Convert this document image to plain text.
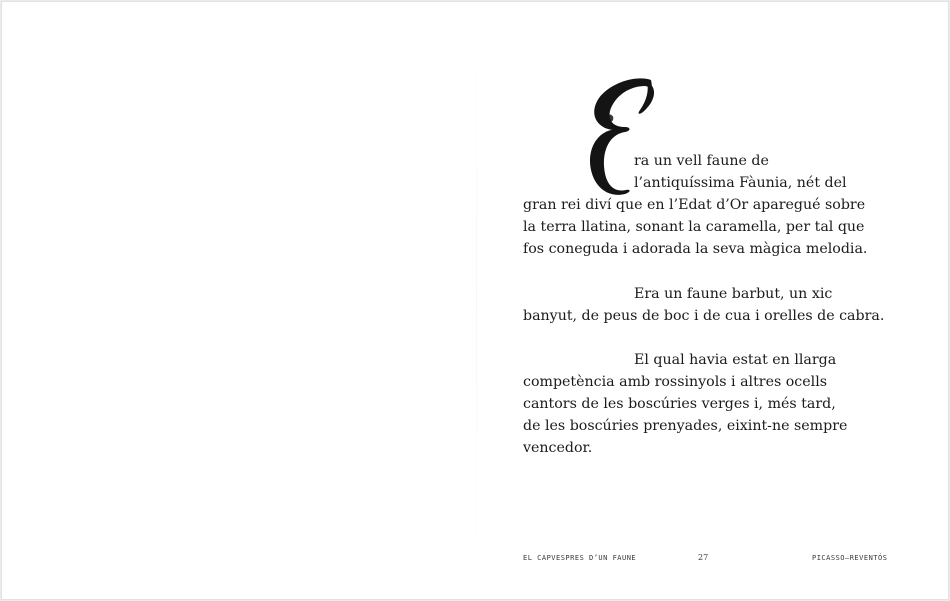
E
ra un vell faune de
l’antiquíssima Fàunia, nét del
gran rei diví que en l’Edat d’Or aparegué sobre
la terra llatina, sonant la caramella, per tal que
fos coneguda i adorada la seva màgica melodia.
Era un faune barbut, un xic
banyut, de peus de boc i de cua i orelles de cabra.
El qual havia estat en llarga
competència amb rossinyols i altres ocells
cantors de les boscúries verges i, més tard,
de les boscúries prenyades, eixint-ne sempre
vencedor.
EL CAPVESPRES D’UN FAUNE	27	PICASSO—REVENTÓS
